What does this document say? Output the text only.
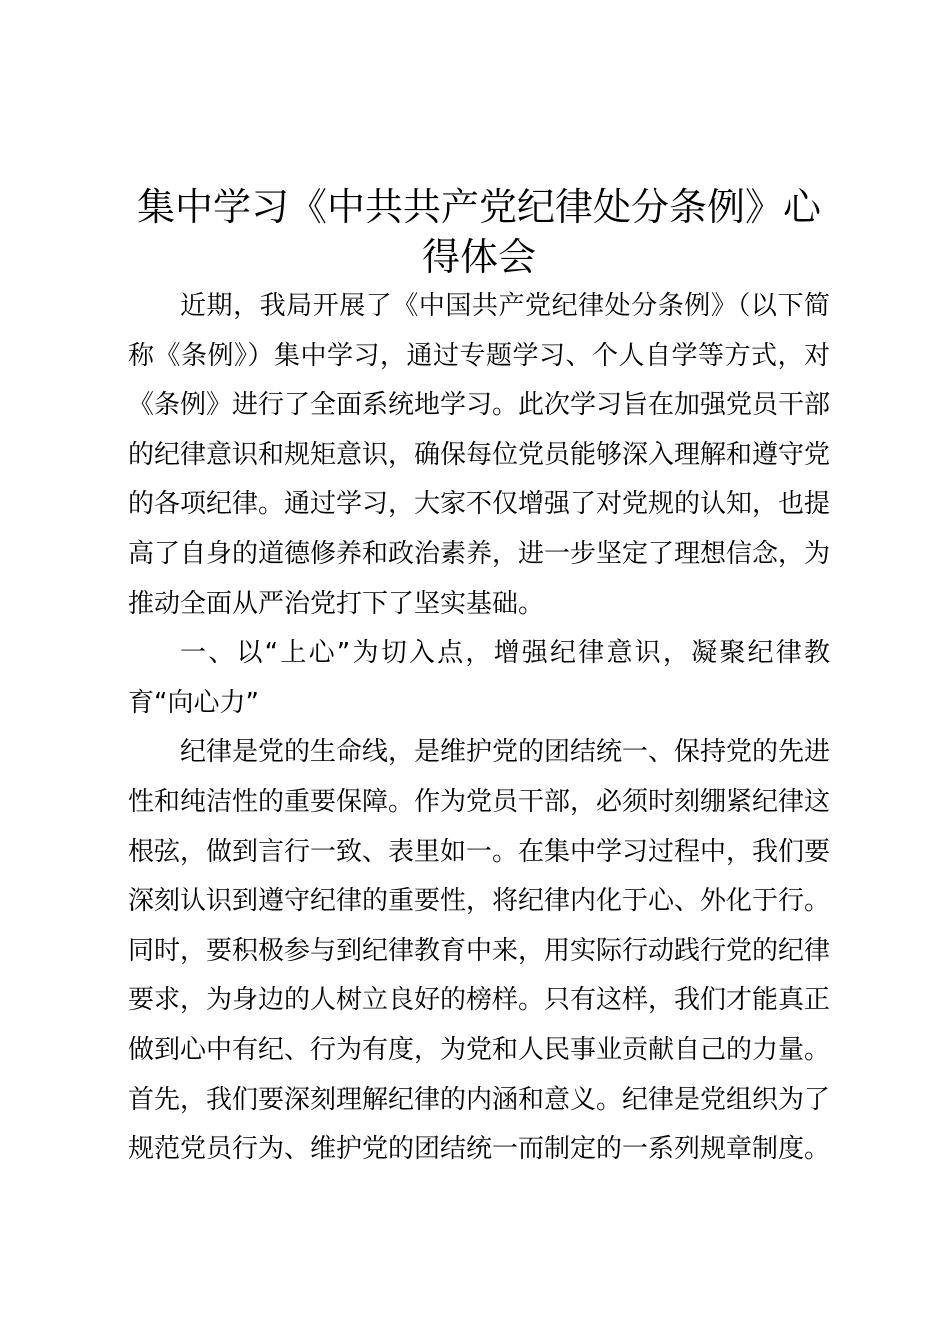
集中学习《中共共产党纪律处分条例》心得体会

近期，我局开展了《中国共产党纪律处分条例》（以下简称《条例》）集中学习，通过专题学习、个人自学等方式，对《条例》进行了全面系统地学习。此次学习旨在加强党员干部的纪律意识和规矩意识，确保每位党员能够深入理解和遵守党的各项纪律。通过学习，大家不仅增强了对党规的认知，也提高了自身的道德修养和政治素养，进一步坚定了理想信念，为推动全面从严治党打下了坚实基础。

一、以“上心”为切入点，增强纪律意识，凝聚纪律教育“向心力”

纪律是党的生命线，是维护党的团结统一、保持党的先进性和纯洁性的重要保障。作为党员干部，必须时刻绷紧纪律这根弦，做到言行一致、表里如一。在集中学习过程中，我们要深刻认识到遵守纪律的重要性，将纪律内化于心、外化于行。同时，要积极参与到纪律教育中来，用实际行动践行党的纪律要求，为身边的人树立良好的榜样。只有这样，我们才能真正做到心中有纪、行为有度，为党和人民事业贡献自己的力量。首先，我们要深刻理解纪律的内涵和意义。纪律是党组织为了规范党员行为、维护党的团结统一而制定的一系列规章制度。
